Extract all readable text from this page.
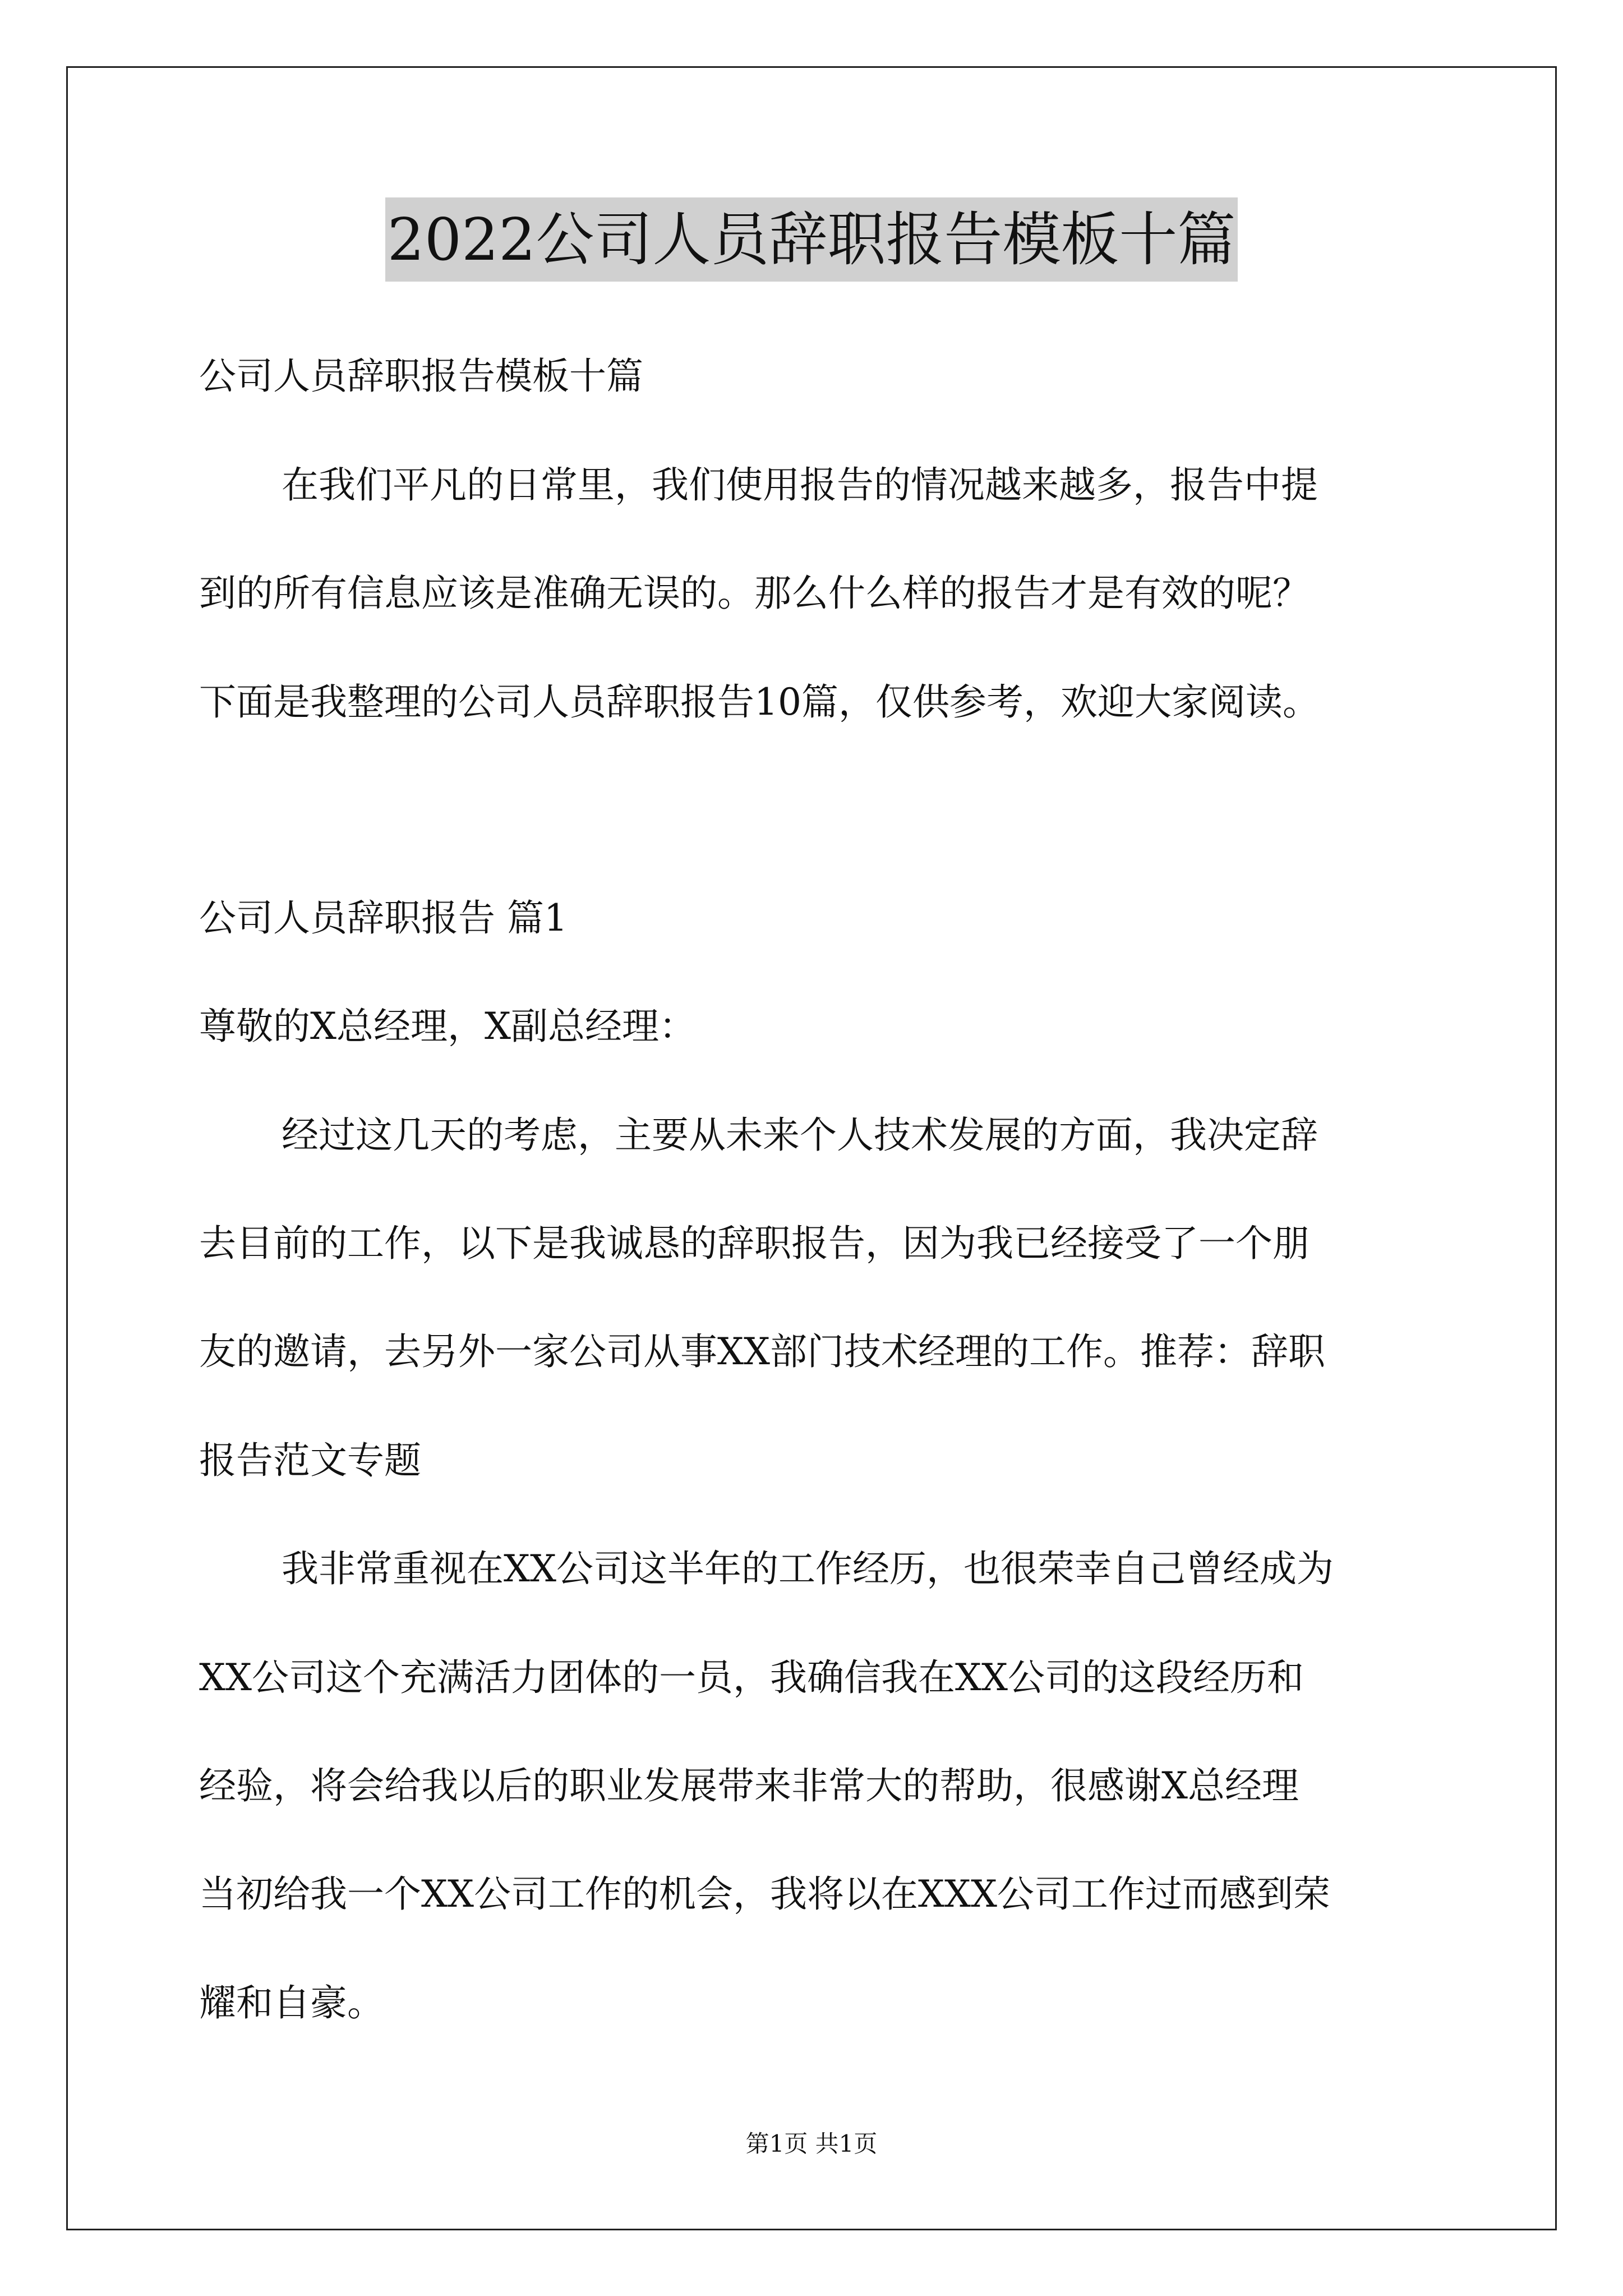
2022公司人员辞职报告模板十篇
公司人员辞职报告模板十篇
在我们平凡的日常里，我们使用报告的情况越来越多，报告中提
到的所有信息应该是准确无误的。那么什么样的报告才是有效的呢？
下面是我整理的公司人员辞职报告10篇，仅供参考，欢迎大家阅读。
公司人员辞职报告 篇1
尊敬的X总经理，X副总经理：
经过这几天的考虑，主要从未来个人技术发展的方面，我决定辞
去目前的工作，以下是我诚恳的辞职报告，因为我已经接受了一个朋
友的邀请，去另外一家公司从事XX部门技术经理的工作。推荐：辞职
报告范文专题
我非常重视在XX公司这半年的工作经历，也很荣幸自己曾经成为
XX公司这个充满活力团体的一员，我确信我在XX公司的这段经历和
经验，将会给我以后的职业发展带来非常大的帮助，很感谢X总经理
当初给我一个XX公司工作的机会，我将以在XXX公司工作过而感到荣
耀和自豪。
第1页 共1页
